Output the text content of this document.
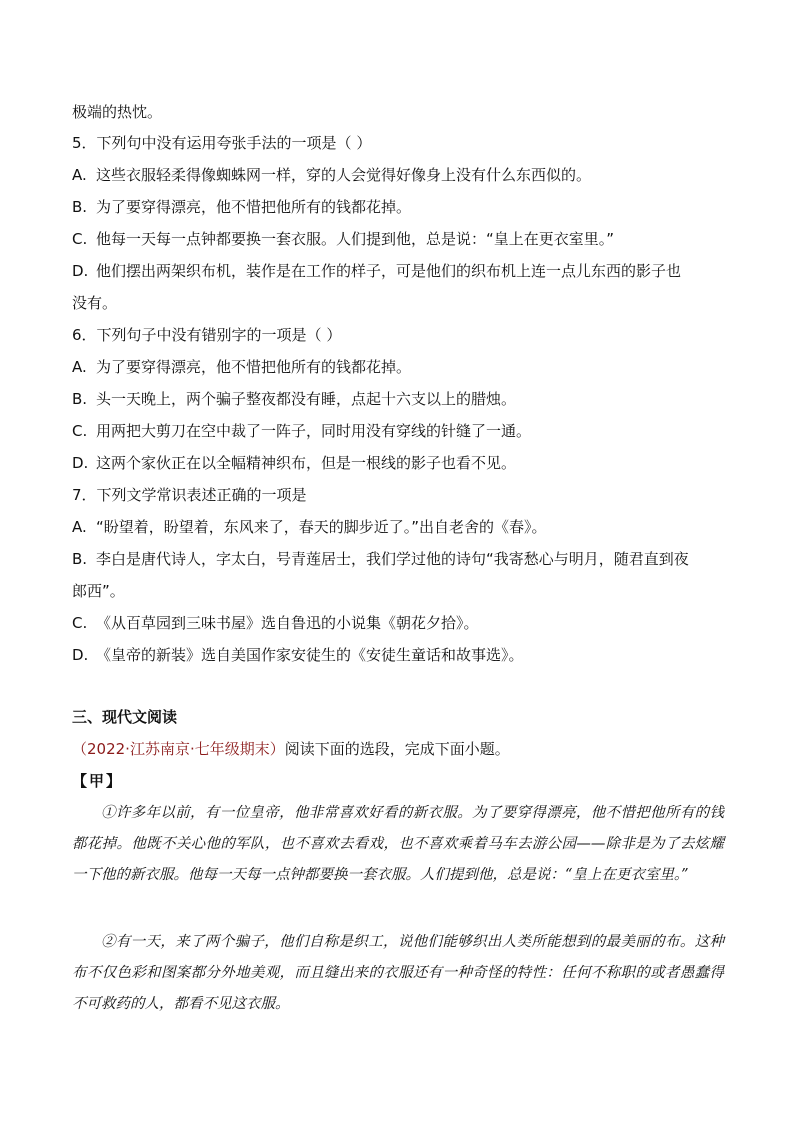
极端的热忱。
5．下列句中没有运用夸张手法的一项是（ ）
A. 这些衣服轻柔得像蜘蛛网一样，穿的人会觉得好像身上没有什么东西似的。
B. 为了要穿得漂亮，他不惜把他所有的钱都花掉。
C. 他每一天每一点钟都要换一套衣服。人们提到他，总是说：“皇上在更衣室里。”
D. 他们摆出两架织布机，装作是在工作的样子，可是他们的织布机上连一点儿东西的影子也
没有。
6．下列句子中没有错别字的一项是（ ）
A. 为了要穿得漂亮，他不惜把他所有的钱都花掉。
B. 头一天晚上，两个骗子整夜都没有睡，点起十六支以上的腊烛。
C. 用两把大剪刀在空中裁了一阵子，同时用没有穿线的针缝了一通。
D. 这两个家伙正在以全幅精神织布，但是一根线的影子也看不见。
7．下列文学常识表述正确的一项是
A. “盼望着，盼望着，东风来了，春天的脚步近了。”出自老舍的《春》。
B. 李白是唐代诗人，字太白，号青莲居士，我们学过他的诗句“我寄愁心与明月，随君直到夜
郎西”。
C. 《从百草园到三味书屋》选自鲁迅的小说集《朝花夕拾》。
D. 《皇帝的新装》选自美国作家安徒生的《安徒生童话和故事选》。
三、现代文阅读
（2022·江苏南京·七年级期末）阅读下面的选段，完成下面小题。
【甲】
①许多年以前，有一位皇帝，他非常喜欢好看的新衣服。为了要穿得漂亮，他不惜把他所有的钱都花掉。他既不关心他的军队，也不喜欢去看戏，也不喜欢乘着马车去游公园——除非是为了去炫耀一下他的新衣服。他每一天每一点钟都要换一套衣服。人们提到他，总是说：“皇上在更衣室里。”
②有一天，来了两个骗子，他们自称是织工，说他们能够织出人类所能想到的最美丽的布。这种布不仅色彩和图案都分外地美观，而且缝出来的衣服还有一种奇怪的特性：任何不称职的或者愚蠢得不可救药的人，都看不见这衣服。
